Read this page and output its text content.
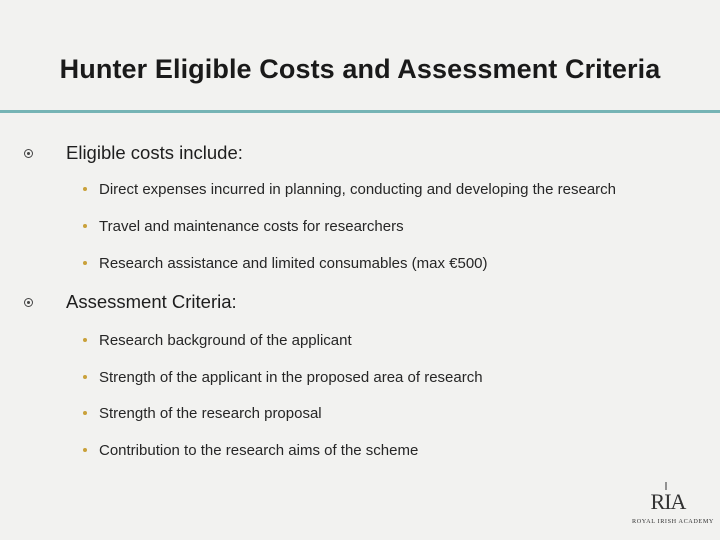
Hunter Eligible Costs and Assessment Criteria
Eligible costs include:
Direct expenses incurred in planning, conducting and developing the research
Travel and maintenance costs for researchers
Research assistance and limited consumables (max €500)
Assessment Criteria:
Research background of the applicant
Strength of the applicant in the proposed area of research
Strength of the research proposal
Contribution to the research aims of the scheme
RIA
ROYAL IRISH ACADEMY
